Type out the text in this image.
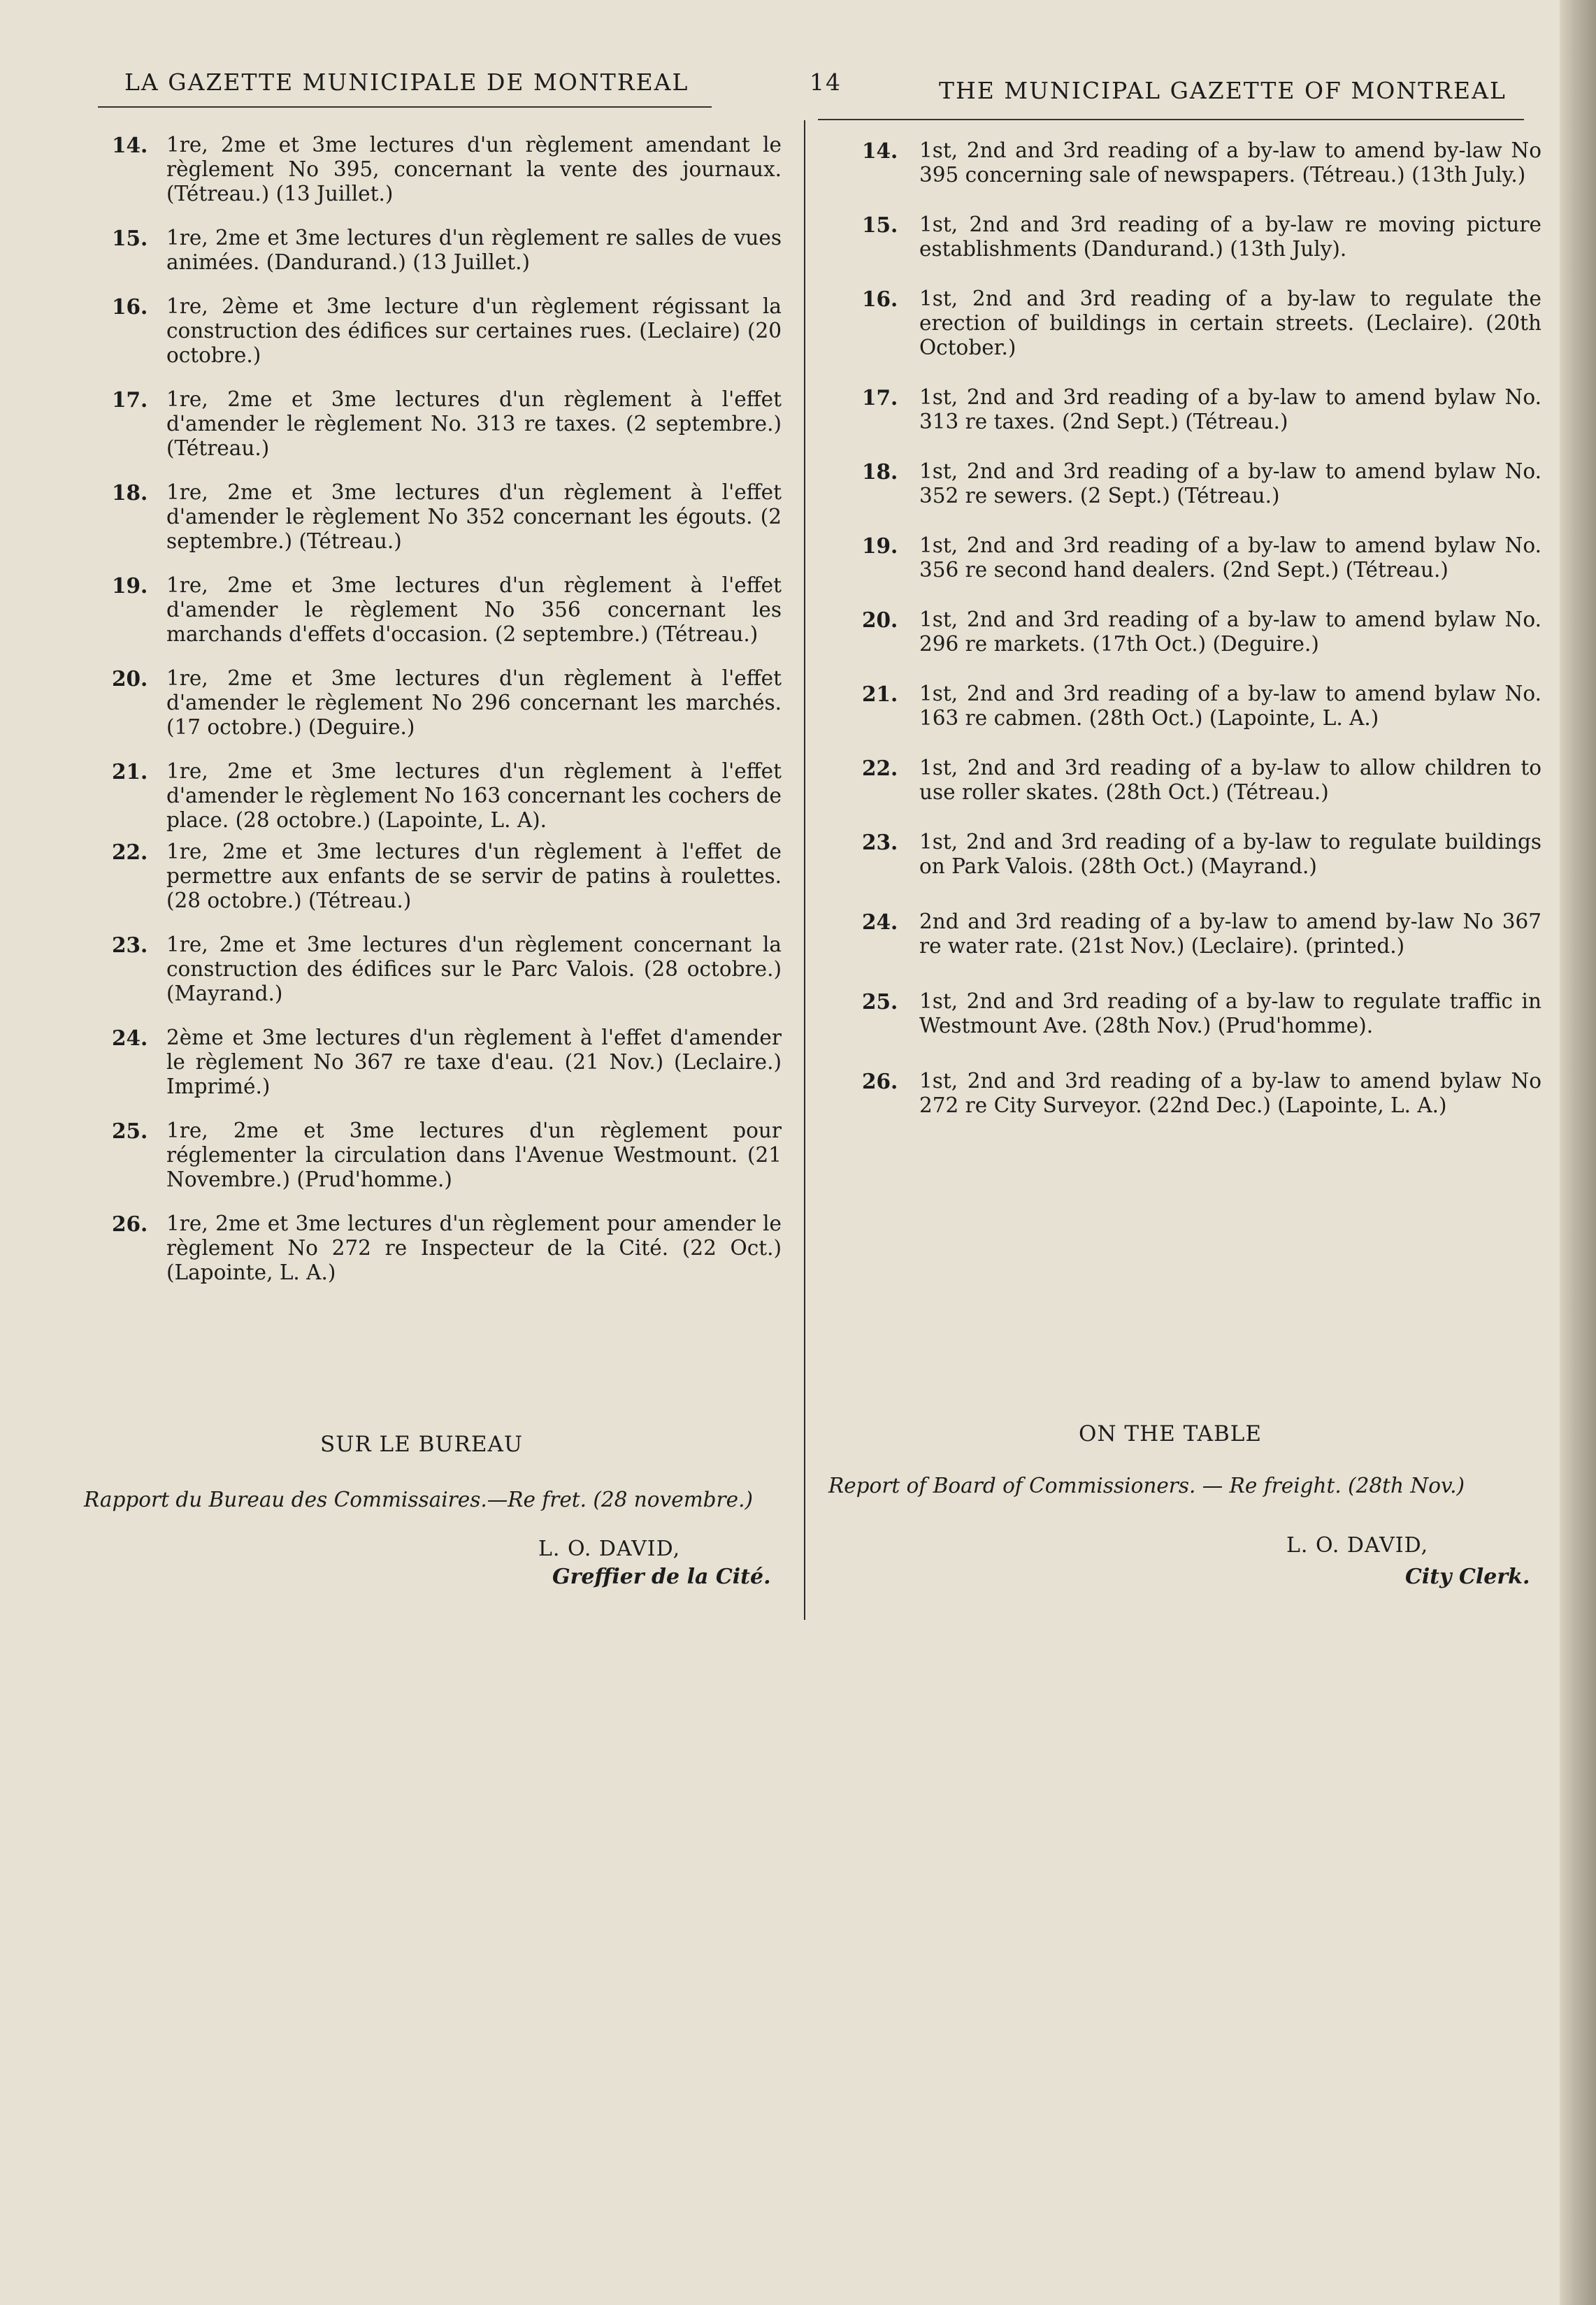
LA GAZETTE MUNICIPALE DE MONTREAL	14	THE MUNICIPAL GAZETTE OF MONTREAL
14. 1re, 2me et 3me lectures d'un règlement amendant le règlement No 395, concernant la vente des journaux. (Tétreau.) (13 Juillet.)
15. 1re, 2me et 3me lectures d'un règlement re salles de vues animées. (Dandurand.) (13 Juillet.)
16. 1re, 2ème et 3me lecture d'un règlement régissant la construction des édifices sur certaines rues. (Leclaire) (20 octobre.)
17. 1re, 2me et 3me lectures d'un règlement à l'effet d'amender le règlement No. 313 re taxes. (2 septembre.) (Tétreau.)
18. 1re, 2me et 3me lectures d'un règlement à l'effet d'amender le règlement No 352 concernant les égouts. (2 septembre.) (Tétreau.)
19. 1re, 2me et 3me lectures d'un règlement à l'effet d'amender le règlement No 356 concernant les marchands d'effets d'occasion. (2 septembre.) (Tétreau.)
20. 1re, 2me et 3me lectures d'un règlement à l'effet d'amender le règlement No 296 concernant les marchés. (17 octobre.) (Deguire.)
21. 1re, 2me et 3me lectures d'un règlement à l'effet d'amender le règlement No 163 concernant les cochers de place. (28 octobre.) (Lapointe, L. A).
22. 1re, 2me et 3me lectures d'un règlement à l'effet de permettre aux enfants de se servir de patins à roulettes. (28 octobre.) (Tétreau.)
23. 1re, 2me et 3me lectures d'un règlement concernant la construction des édifices sur le Parc Valois. (28 octobre.) (Mayrand.)
24. 2ème et 3me lectures d'un règlement à l'effet d'amender le règlement No 367 re taxe d'eau. (21 Nov.) (Leclaire.) Imprimé.)
25. 1re, 2me et 3me lectures d'un règlement pour réglementer la circulation dans l'Avenue Westmount. (21 Novembre.) (Prud'homme.)
26. 1re, 2me et 3me lectures d'un règlement pour amender le règlement No 272 re Inspecteur de la Cité. (22 Oct.) (Lapointe, L. A.)
14. 1st, 2nd and 3rd reading of a by-law to amend by-law No 395 concerning sale of newspapers. (Tétreau.) (13th July.)
15. 1st, 2nd and 3rd reading of a by-law re moving picture establishments (Dandurand.) (13th July).
16. 1st, 2nd and 3rd reading of a by-law to regulate the erection of buildings in certain streets. (Leclaire). (20th October.)
17. 1st, 2nd and 3rd reading of a by-law to amend bylaw No. 313 re taxes. (2nd Sept.) (Tétreau.)
18. 1st, 2nd and 3rd reading of a by-law to amend bylaw No. 352 re sewers. (2 Sept.) (Tétreau.)
19. 1st, 2nd and 3rd reading of a by-law to amend bylaw No. 356 re second hand dealers. (2nd Sept.) (Tétreau.)
20. 1st, 2nd and 3rd reading of a by-law to amend bylaw No. 296 re markets. (17th Oct.) (Deguire.)
21. 1st, 2nd and 3rd reading of a by-law to amend bylaw No. 163 re cabmen. (28th Oct.) (Lapointe, L. A.)
22. 1st, 2nd and 3rd reading of a by-law to allow children to use roller skates. (28th Oct.) (Tétreau.)
23. 1st, 2nd and 3rd reading of a by-law to regulate buildings on Park Valois. (28th Oct.) (Mayrand.)
24. 2nd and 3rd reading of a by-law to amend by-law No 367 re water rate. (21st Nov.) (Leclaire). (printed.)
25. 1st, 2nd and 3rd reading of a by-law to regulate traffic in Westmount Ave. (28th Nov.) (Prud'homme).
26. 1st, 2nd and 3rd reading of a by-law to amend bylaw No 272 re City Surveyor. (22nd Dec.) (Lapointe, L. A.)
SUR LE BUREAU	ON THE TABLE
Rapport du Bureau des Commissaires.—Re fret. (28 novembre.)
Report of Board of Commissioners. — Re freight. (28th Nov.)
L. O. DAVID,
Greffier de la Cité.
L. O. DAVID,
City Clerk.
